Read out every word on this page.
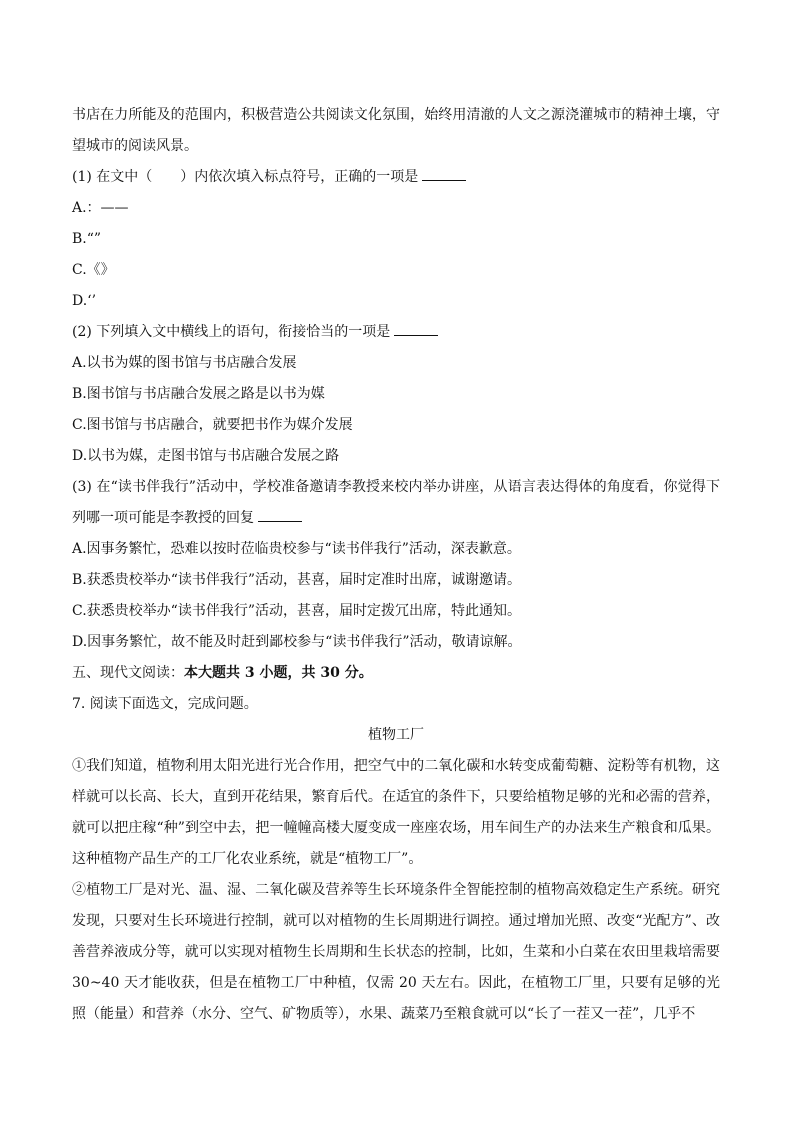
书店在力所能及的范围内，积极营造公共阅读文化氛围，始终用清澈的人文之源浇灌城市的精神土壤，守望城市的阅读风景。
(1) 在文中（　　）内依次填入标点符号，正确的一项是
A.：——
B.“”
C.《》
D.‘’
(2) 下列填入文中横线上的语句，衔接恰当的一项是
A.以书为媒的图书馆与书店融合发展
B.图书馆与书店融合发展之路是以书为媒
C.图书馆与书店融合，就要把书作为媒介发展
D.以书为媒，走图书馆与书店融合发展之路
(3) 在“读书伴我行”活动中，学校准备邀请李教授来校内举办讲座，从语言表达得体的角度看，你觉得下列哪一项可能是李教授的回复
A.因事务繁忙，恐难以按时莅临贵校参与“读书伴我行”活动，深表歉意。
B.获悉贵校举办“读书伴我行”活动，甚喜，届时定准时出席，诚谢邀请。
C.获悉贵校举办“读书伴我行”活动，甚喜，届时定拨冗出席，特此通知。
D.因事务繁忙，故不能及时赶到鄙校参与“读书伴我行”活动，敬请谅解。
五、现代文阅读：本大题共 3 小题，共 30 分。
7. 阅读下面选文，完成问题。
植物工厂
①我们知道，植物利用太阳光进行光合作用，把空气中的二氧化碳和水转变成葡萄糖、淀粉等有机物，这样就可以长高、长大，直到开花结果，繁育后代。在适宜的条件下，只要给植物足够的光和必需的营养，就可以把庄稼“种”到空中去，把一幢幢高楼大厦变成一座座农场，用车间生产的办法来生产粮食和瓜果。这种植物产品生产的工厂化农业系统，就是“植物工厂”。
②植物工厂是对光、温、湿、二氧化碳及营养等生长环境条件全智能控制的植物高效稳定生产系统。研究发现，只要对生长环境进行控制，就可以对植物的生长周期进行调控。通过增加光照、改变“光配方”、改善营养液成分等，就可以实现对植物生长周期和生长状态的控制，比如，生菜和小白菜在农田里栽培需要 30~40 天才能收获，但是在植物工厂中种植，仅需 20 天左右。因此，在植物工厂里，只要有足够的光照（能量）和营养（水分、空气、矿物质等），水果、蔬菜乃至粮食就可以“长了一茬又一茬”，几乎不
